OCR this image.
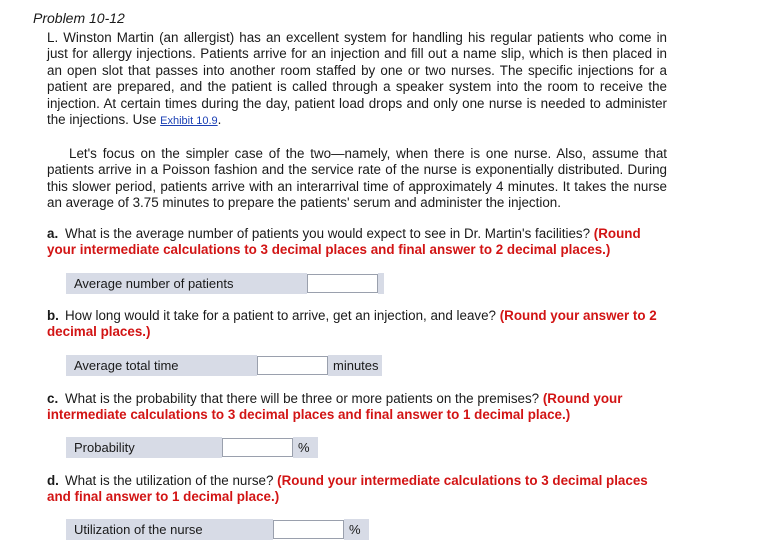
Problem 10-12

L. Winston Martin (an allergist) has an excellent system for handling his regular patients who come in just for allergy injections. Patients arrive for an injection and fill out a name slip, which is then placed in an open slot that passes into another room staffed by one or two nurses. The specific injections for a patient are prepared, and the patient is called through a speaker system into the room to receive the injection. At certain times during the day, patient load drops and only one nurse is needed to administer the injections. Use Exhibit 10.9.

Let's focus on the simpler case of the two—namely, when there is one nurse. Also, assume that patients arrive in a Poisson fashion and the service rate of the nurse is exponentially distributed. During this slower period, patients arrive with an interarrival time of approximately 4 minutes. It takes the nurse an average of 3.75 minutes to prepare the patients' serum and administer the injection.

a. What is the average number of patients you would expect to see in Dr. Martin's facilities? (Round your intermediate calculations to 3 decimal places and final answer to 2 decimal places.)

Average number of patients

b. How long would it take for a patient to arrive, get an injection, and leave? (Round your answer to 2 decimal places.)

Average total time	minutes

c. What is the probability that there will be three or more patients on the premises? (Round your intermediate calculations to 3 decimal places and final answer to 1 decimal place.)

Probability	%

d. What is the utilization of the nurse? (Round your intermediate calculations to 3 decimal places and final answer to 1 decimal place.)

Utilization of the nurse	%
